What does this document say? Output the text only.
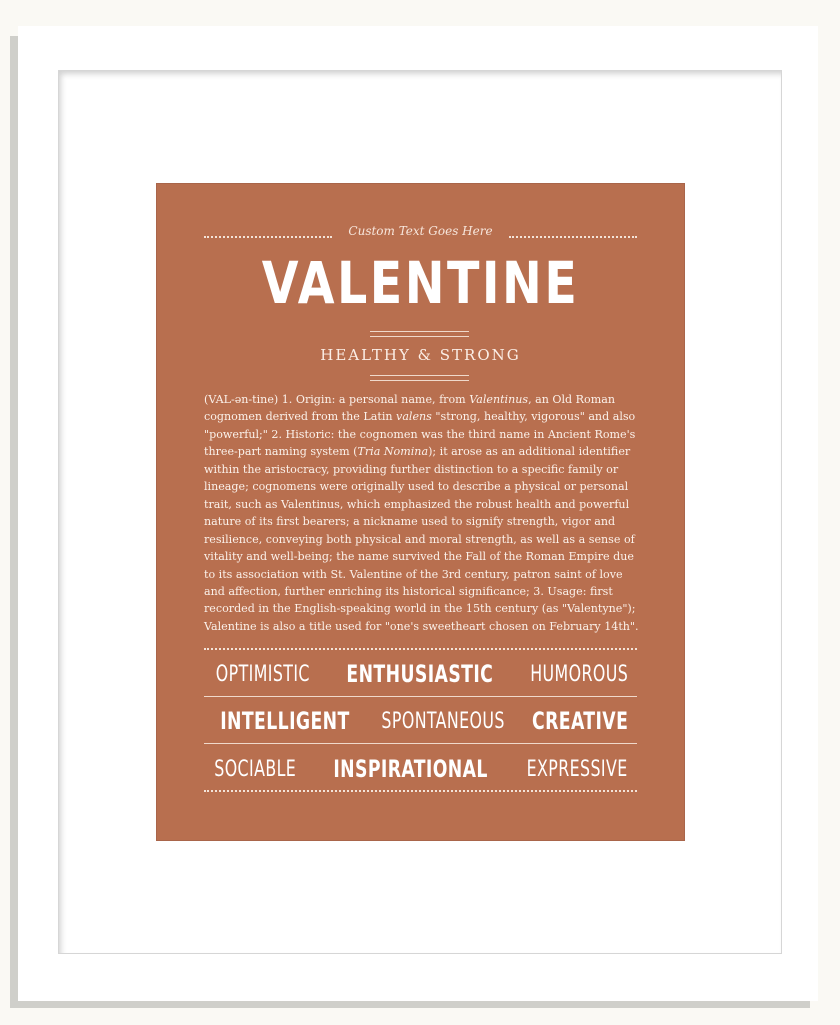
Custom Text Goes Here
VALENTINE
HEALTHY & STRONG
(VAL-ən-tine) 1. Origin: a personal name, from Valentinus, an Old Roman cognomen derived from the Latin valens "strong, healthy, vigorous" and also "powerful;" 2. Historic: the cognomen was the third name in Ancient Rome's three-part naming system (Tria Nomina); it arose as an additional identifier within the aristocracy, providing further distinction to a specific family or lineage; cognomens were originally used to describe a physical or personal trait, such as Valentinus, which emphasized the robust health and powerful nature of its first bearers; a nickname used to signify strength, vigor and resilience, conveying both physical and moral strength, as well as a sense of vitality and well-being; the name survived the Fall of the Roman Empire due to its association with St. Valentine of the 3rd century, patron saint of love and affection, further enriching its historical significance; 3. Usage: first recorded in the English-speaking world in the 15th century (as "Valentyne"); Valentine is also a title used for "one's sweetheart chosen on February 14th".
OPTIMISTIC ENTHUSIASTIC HUMOROUS
INTELLIGENT SPONTANEOUS CREATIVE
SOCIABLE INSPIRATIONAL EXPRESSIVE
